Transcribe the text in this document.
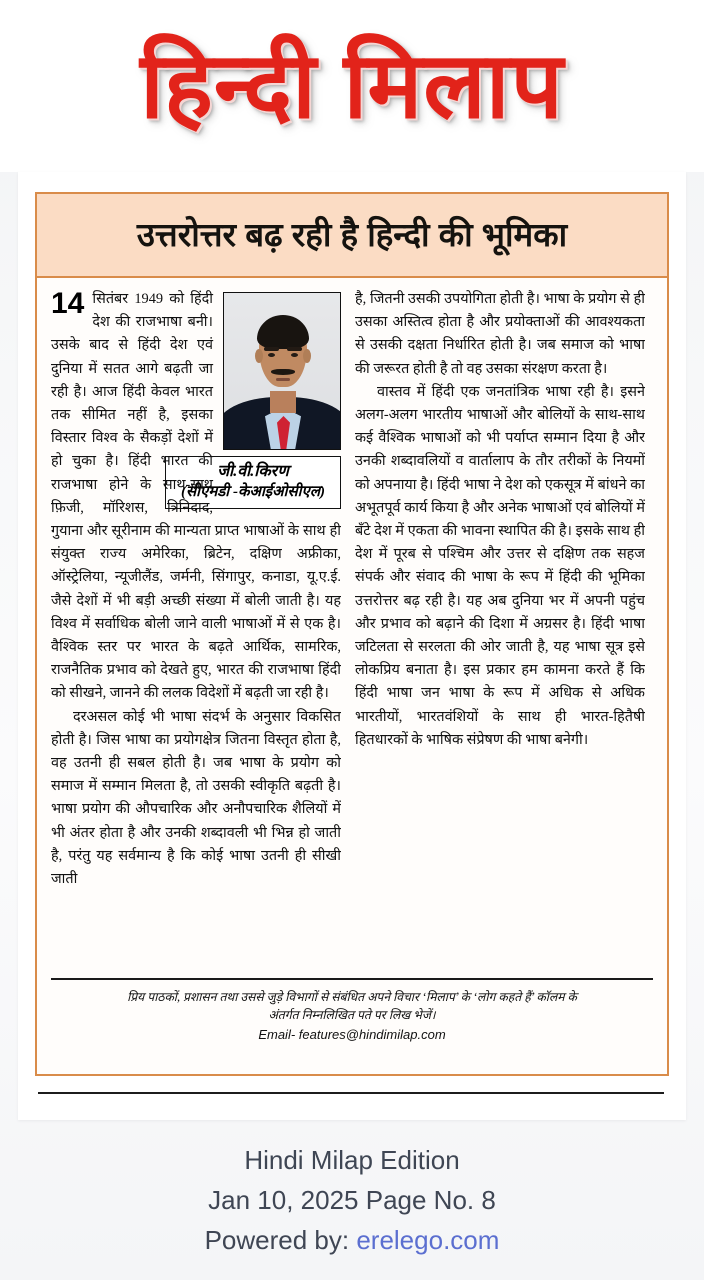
हिन्दी मिलाप
उत्तरोत्तर बढ़ रही है हिन्दी की भूमिका
जी.वी.किरण
(सीएमडी -केआईओसीएल)

14 सितंबर 1949 को हिंदी देश की राजभाषा बनी। उसके बाद से हिंदी देश एवं दुनिया में सतत आगे बढ़ती जा रही है। आज हिंदी केवल भारत तक सीमित नहीं है, इसका विस्तार विश्व के सैकड़ों देशों में हो चुका है। हिंदी भारत की राजभाषा होने के साथ-साथ फ़िजी, मॉरिशस, त्रिनिदाद, गुयाना और सूरीनाम की मान्यता प्राप्त भाषाओं के साथ ही संयुक्त राज्य अमेरिका, ब्रिटेन, दक्षिण अफ्रीका, ऑस्ट्रेलिया, न्यूजीलैंड, जर्मनी, सिंगापुर, कनाडा, यू.ए.ई. जैसे देशों में भी बड़ी अच्छी संख्या में बोली जाती है। यह विश्व में सर्वाधिक बोली जाने वाली भाषाओं में से एक है। वैश्विक स्तर पर भारत के बढ़ते आर्थिक, सामरिक, राजनैतिक प्रभाव को देखते हुए, भारत की राजभाषा हिंदी को सीखने, जानने की ललक विदेशों में बढ़ती जा रही है।

दरअसल कोई भी भाषा संदर्भ के अनुसार विकसित होती है। जिस भाषा का प्रयोगक्षेत्र जितना विस्तृत होता है, वह उतनी ही सबल होती है। जब भाषा के प्रयोग को समाज में सम्मान मिलता है, तो उसकी स्वीकृति बढ़ती है। भाषा प्रयोग की औपचारिक और अनौपचारिक शैलियों में भी अंतर होता है और उनकी शब्दावली भी भिन्न हो जाती है, परंतु यह सर्वमान्य है कि कोई भाषा उतनी ही सीखी जाती

है, जितनी उसकी उपयोगिता होती है। भाषा के प्रयोग से ही उसका अस्तित्व होता है और प्रयोक्ताओं की आवश्यकता से उसकी दक्षता निर्धारित होती है। जब समाज को भाषा की जरूरत होती है तो वह उसका संरक्षण करता है।

वास्तव में हिंदी एक जनतांत्रिक भाषा रही है। इसने अलग-अलग भारतीय भाषाओं और बोलियों के साथ-साथ कई वैश्विक भाषाओं को भी पर्याप्त सम्मान दिया है और उनकी शब्दावलियों व वार्तालाप के तौर तरीकों के नियमों को अपनाया है। हिंदी भाषा ने देश को एकसूत्र में बांधने का अभूतपूर्व कार्य किया है और अनेक भाषाओं एवं बोलियों में बँटे देश में एकता की भावना स्थापित की है। इसके साथ ही देश में पूरब से पश्चिम और उत्तर से दक्षिण तक सहज संपर्क और संवाद की भाषा के रूप में हिंदी की भूमिका उत्तरोत्तर बढ़ रही है। यह अब दुनिया भर में अपनी पहुंच और प्रभाव को बढ़ाने की दिशा में अग्रसर है। हिंदी भाषा जटिलता से सरलता की ओर जाती है, यह भाषा सूत्र इसे लोकप्रिय बनाता है। इस प्रकार हम कामना करते हैं कि हिंदी भाषा जन भाषा के रूप में अधिक से अधिक भारतीयों, भारतवंशियों के साथ ही भारत-हितैषी हितधारकों के भाषिक संप्रेषण की भाषा बनेगी।

प्रिय पाठकों, प्रशासन तथा उससे जुड़े विभागों से संबंधित अपने विचार ‘मिलाप’ के ‘लोग कहते हैं’ कॉलम के
अंतर्गत निम्नलिखित पते पर लिख भेजें।
Email- features@hindimilap.com
Hindi Milap Edition
Jan 10, 2025 Page No. 8
Powered by: erelego.com
